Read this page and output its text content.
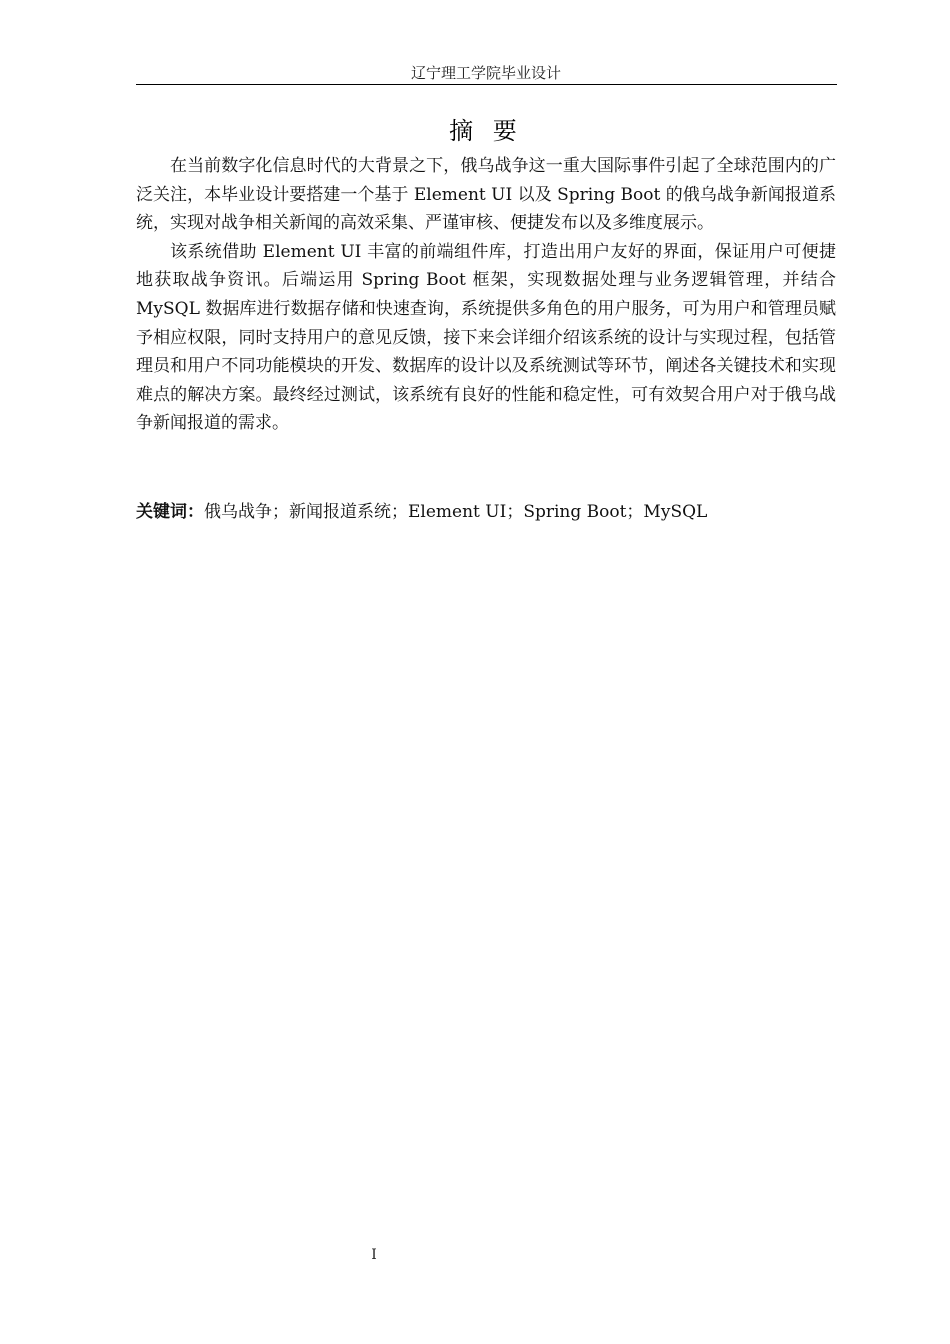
辽宁理工学院毕业设计
摘 要

在当前数字化信息时代的大背景之下，俄乌战争这一重大国际事件引起了全球范围内的广泛关注，本毕业设计要搭建一个基于 Element UI 以及 Spring Boot 的俄乌战争新闻报道系统，实现对战争相关新闻的高效采集、严谨审核、便捷发布以及多维度展示。

该系统借助 Element UI 丰富的前端组件库，打造出用户友好的界面，保证用户可便捷地获取战争资讯。后端运用 Spring Boot 框架，实现数据处理与业务逻辑管理，并结合 MySQL 数据库进行数据存储和快速查询，系统提供多角色的用户服务，可为用户和管理员赋予相应权限，同时支持用户的意见反馈，接下来会详细介绍该系统的设计与实现过程，包括管理员和用户不同功能模块的开发、数据库的设计以及系统测试等环节，阐述各关键技术和实现难点的解决方案。最终经过测试，该系统有良好的性能和稳定性，可有效契合用户对于俄乌战争新闻报道的需求。

关键词：俄乌战争；新闻报道系统；Element UI；Spring Boot；MySQL
I
